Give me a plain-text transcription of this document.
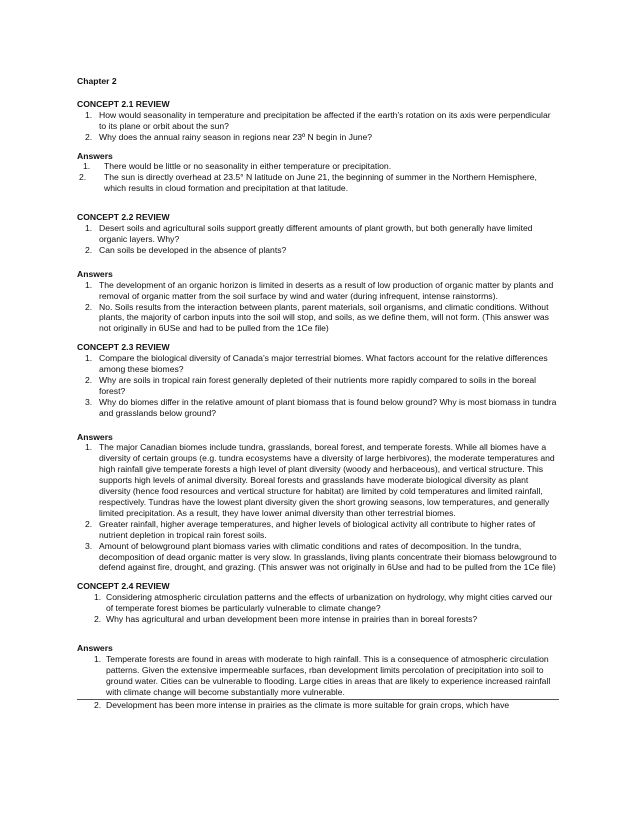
Chapter 2

CONCEPT 2.1 REVIEW

1. How would seasonality in temperature and precipitation be affected if the earth’s rotation on its axis were perpendicular to its plane or orbit about the sun?
2. Why does the annual rainy season in regions near 23º N begin in June?

Answers

1. There would be little or no seasonality in either temperature or precipitation.
2. The sun is directly overhead at 23.5° N latitude on June 21, the beginning of summer in the Northern Hemisphere, which results in cloud formation and precipitation at that latitude.

CONCEPT 2.2 REVIEW

1. Desert soils and agricultural soils support greatly different amounts of plant growth, but both generally have limited organic layers. Why?
2. Can soils be developed in the absence of plants?

Answers

1. The development of an organic horizon is limited in deserts as a result of low production of organic matter by plants and removal of organic matter from the soil surface by wind and water (during infrequent, intense rainstorms).
2. No. Soils results from the interaction between plants, parent materials, soil organisms, and climatic conditions. Without plants, the majority of carbon inputs into the soil will stop, and soils, as we define them, will not form. (This answer was not originally in 6USe and had to be pulled from the 1Ce file)

CONCEPT 2.3 REVIEW

1. Compare the biological diversity of Canada’s major terrestrial biomes. What factors account for the relative differences among these biomes?
2. Why are soils in tropical rain forest generally depleted of their nutrients more rapidly compared to soils in the boreal forest?
3. Why do biomes differ in the relative amount of plant biomass that is found below ground? Why is most biomass in tundra and grasslands below ground?

Answers

1. The major Canadian biomes include tundra, grasslands, boreal forest, and temperate forests. While all biomes have a diversity of certain groups (e.g. tundra ecosystems have a diversity of large herbivores), the moderate temperatures and high rainfall give temperate forests a high level of plant diversity (woody and herbaceous), and vertical structure. This supports high levels of animal diversity. Boreal forests and grasslands have moderate biological diversity as plant diversity (hence food resources and vertical structure for habitat) are limited by cold temperatures and limited rainfall, respectively. Tundras have the lowest plant diversity given the short growing seasons, low temperatures, and generally limited precipitation. As a result, they have lower animal diversity than other terrestrial biomes.
2. Greater rainfall, higher average temperatures, and higher levels of biological activity all contribute to higher rates of nutrient depletion in tropical rain forest soils.
3. Amount of belowground plant biomass varies with climatic conditions and rates of decomposition. In the tundra, decomposition of dead organic matter is very slow. In grasslands, living plants concentrate their biomass belowground to defend against fire, drought, and grazing. (This answer was not originally in 6Use and had to be pulled from the 1Ce file)

CONCEPT 2.4 REVIEW

1. Considering atmospheric circulation patterns and the effects of urbanization on hydrology, why might cities carved our of temperate forest biomes be particularly vulnerable to climate change?
2. Why has agricultural and urban development been more intense in prairies than in boreal forests?

Answers

1. Temperate forests are found in areas with moderate to high rainfall. This is a consequence of atmospheric circulation patterns. Given the extensive impermeable surfaces, rban development limits percolation of precipitation into soil to ground water. Cities can be vulnerable to flooding. Large cities in areas that are likely to experience increased rainfall with climate change will become substantially more vulnerable.
2. Development has been more intense in prairies as the climate is more suitable for grain crops, which have
